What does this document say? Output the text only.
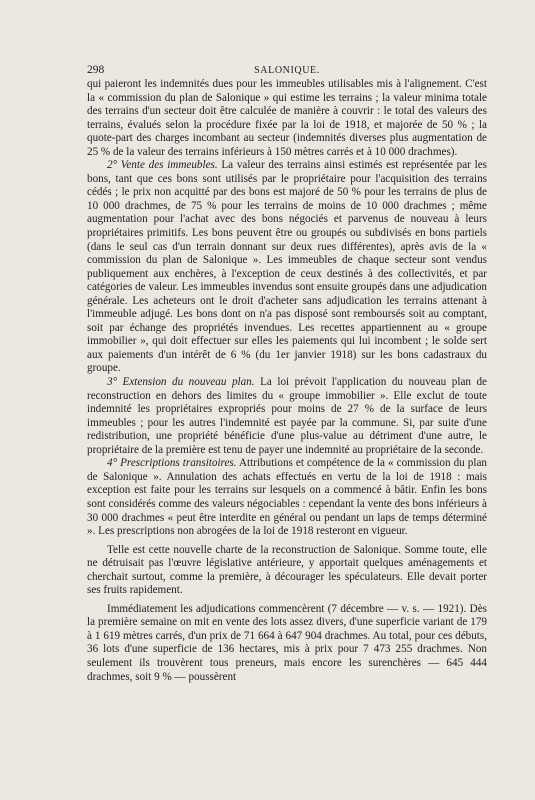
298	SALONIQUE.

qui paieront les indemnités dues pour les immeubles utilisables mis à l'alignement. C'est la « commission du plan de Salonique » qui estime les terrains ; la valeur minima totale des terrains d'un secteur doit être calculée de manière à couvrir : le total des valeurs des terrains, évalués selon la procédure fixée par la loi de 1918, et majorée de 50 % ; la quote-part des charges incombant au secteur (indemnités diverses plus augmentation de 25 % de la valeur des terrains inférieurs à 150 mètres carrés et à 10 000 drachmes).

2° Vente des immeubles. La valeur des terrains ainsi estimés est représentée par les bons, tant que ces bons sont utilisés par le propriétaire pour l'acquisition des terrains cédés ; le prix non acquitté par des bons est majoré de 50 % pour les terrains de plus de 10 000 drachmes, de 75 % pour les terrains de moins de 10 000 drachmes ; même augmentation pour l'achat avec des bons négociés et parvenus de nouveau à leurs propriétaires primitifs. Les bons peuvent être ou groupés ou subdivisés en bons partiels (dans le seul cas d'un terrain donnant sur deux rues différentes), après avis de la « commission du plan de Salonique ». Les immeubles de chaque secteur sont vendus publiquement aux enchères, à l'exception de ceux destinés à des collectivités, et par catégories de valeur. Les immeubles invendus sont ensuite groupés dans une adjudication générale. Les acheteurs ont le droit d'acheter sans adjudication les terrains attenant à l'immeuble adjugé. Les bons dont on n'a pas disposé sont remboursés soit au comptant, soit par échange des propriétés invendues. Les recettes appartiennent au « groupe immobilier », qui doit effectuer sur elles les paiements qui lui incombent ; le solde sert aux paiements d'un intérêt de 6 % (du 1er janvier 1918) sur les bons cadastraux du groupe.

3° Extension du nouveau plan. La loi prévoit l'application du nouveau plan de reconstruction en dehors des limites du « groupe immobilier ». Elle exclut de toute indemnité les propriétaires expropriés pour moins de 27 % de la surface de leurs immeubles ; pour les autres l'indemnité est payée par la commune. Si, par suite d'une redistribution, une propriété bénéficie d'une plus-value au détriment d'une autre, le propriétaire de la première est tenu de payer une indemnité au propriétaire de la seconde.

4° Prescriptions transitoires. Attributions et compétence de la « commission du plan de Salonique ». Annulation des achats effectués en vertu de la loi de 1918 : mais exception est faite pour les terrains sur lesquels on a commencé à bâtir. Enfin les bons sont considérés comme des valeurs négociables : cependant la vente des bons inférieurs à 30 000 drachmes « peut être interdite en général ou pendant un laps de temps déterminé ». Les prescriptions non abrogées de la loi de 1918 resteront en vigueur.

Telle est cette nouvelle charte de la reconstruction de Salonique. Somme toute, elle ne détruisait pas l'œuvre législative antérieure, y apportait quelques aménagements et cherchait surtout, comme la première, à décourager les spéculateurs. Elle devait porter ses fruits rapidement.

Immédiatement les adjudications commencèrent (7 décembre — v. s. — 1921). Dès la première semaine on mit en vente des lots assez divers, d'une superficie variant de 179 à 1 619 mètres carrés, d'un prix de 71 664 à 647 904 drachmes. Au total, pour ces débuts, 36 lots d'une superficie de 136 hectares, mis à prix pour 7 473 255 drachmes. Non seulement ils trouvèrent tous preneurs, mais encore les surenchères — 645 444 drachmes, soit 9 % — poussèrent
